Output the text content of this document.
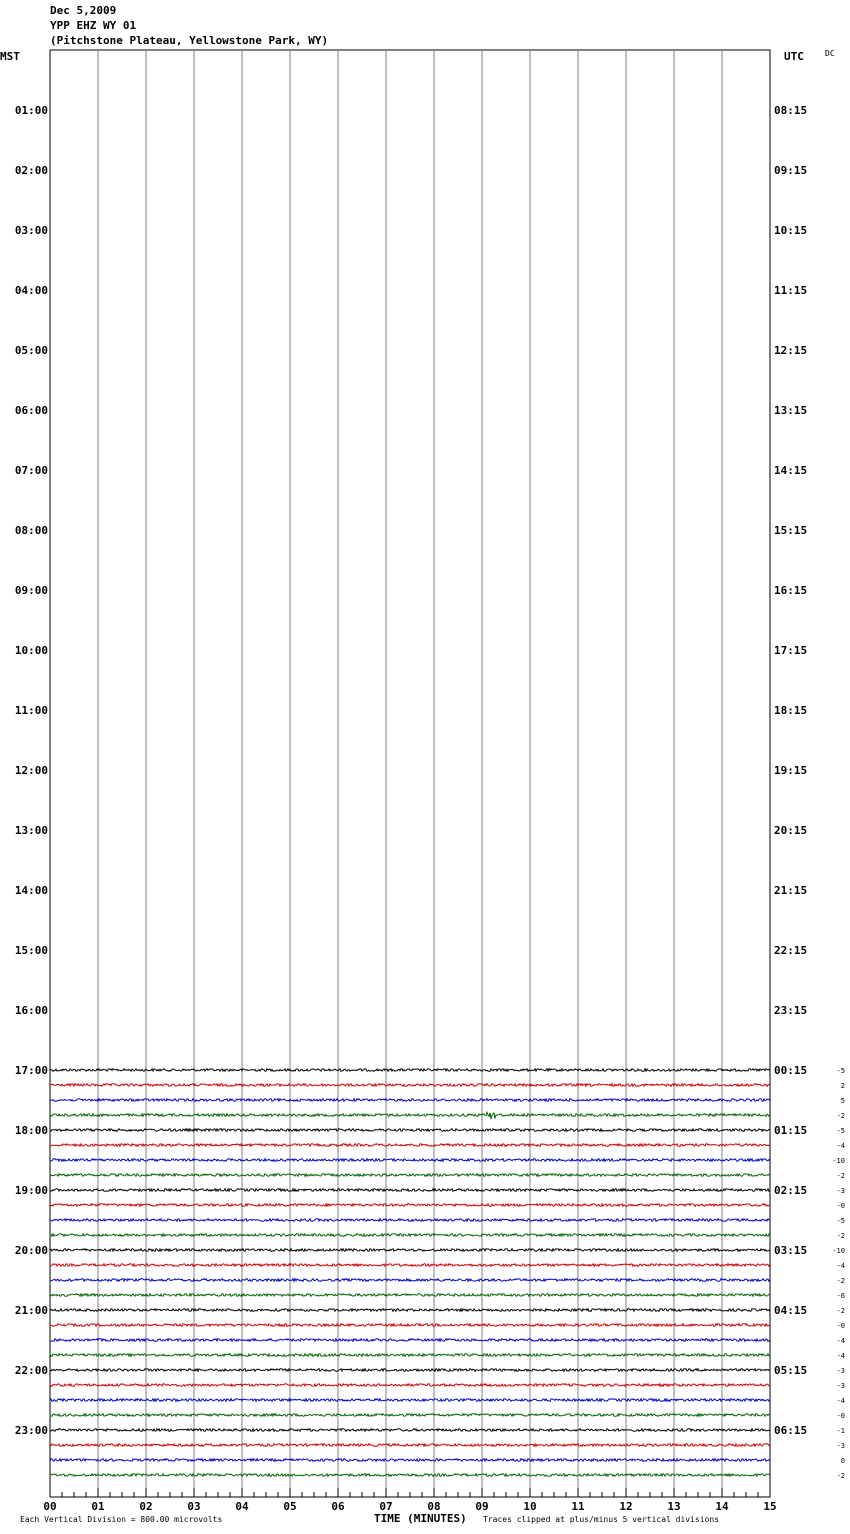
Dec 5,2009
YPP EHZ WY 01
(Pitchstone Plateau, Yellowstone Park, WY)
MST	UTC	DC
01:00
02:00
03:00
04:00
05:00
06:00
07:00
08:00
09:00
10:00
11:00
12:00
13:00
14:00
15:00
16:00
17:00
18:00
19:00
20:00
21:00
22:00
23:00
08:15
09:15
10:15
11:15
12:15
13:15
14:15
15:15
16:15
17:15
18:15
19:15
20:15
21:15
22:15
23:15
00:15
01:15
02:15
03:15
04:15
05:15
06:15
-5
2
5
-2
-5
-4
-10
-2
-3
-0
-5
-2
-10
-4
-2
-6
-2
-0
-4
-4
-3
-3
-4
-0
-1
-3
0
-2
00	01	02	03	04	05	06	07	08	09	10	11	12	13	14	15
Each Vertical Division = 800.00 microvolts	TIME (MINUTES) Traces clipped at plus/minus 5 vertical divisions
